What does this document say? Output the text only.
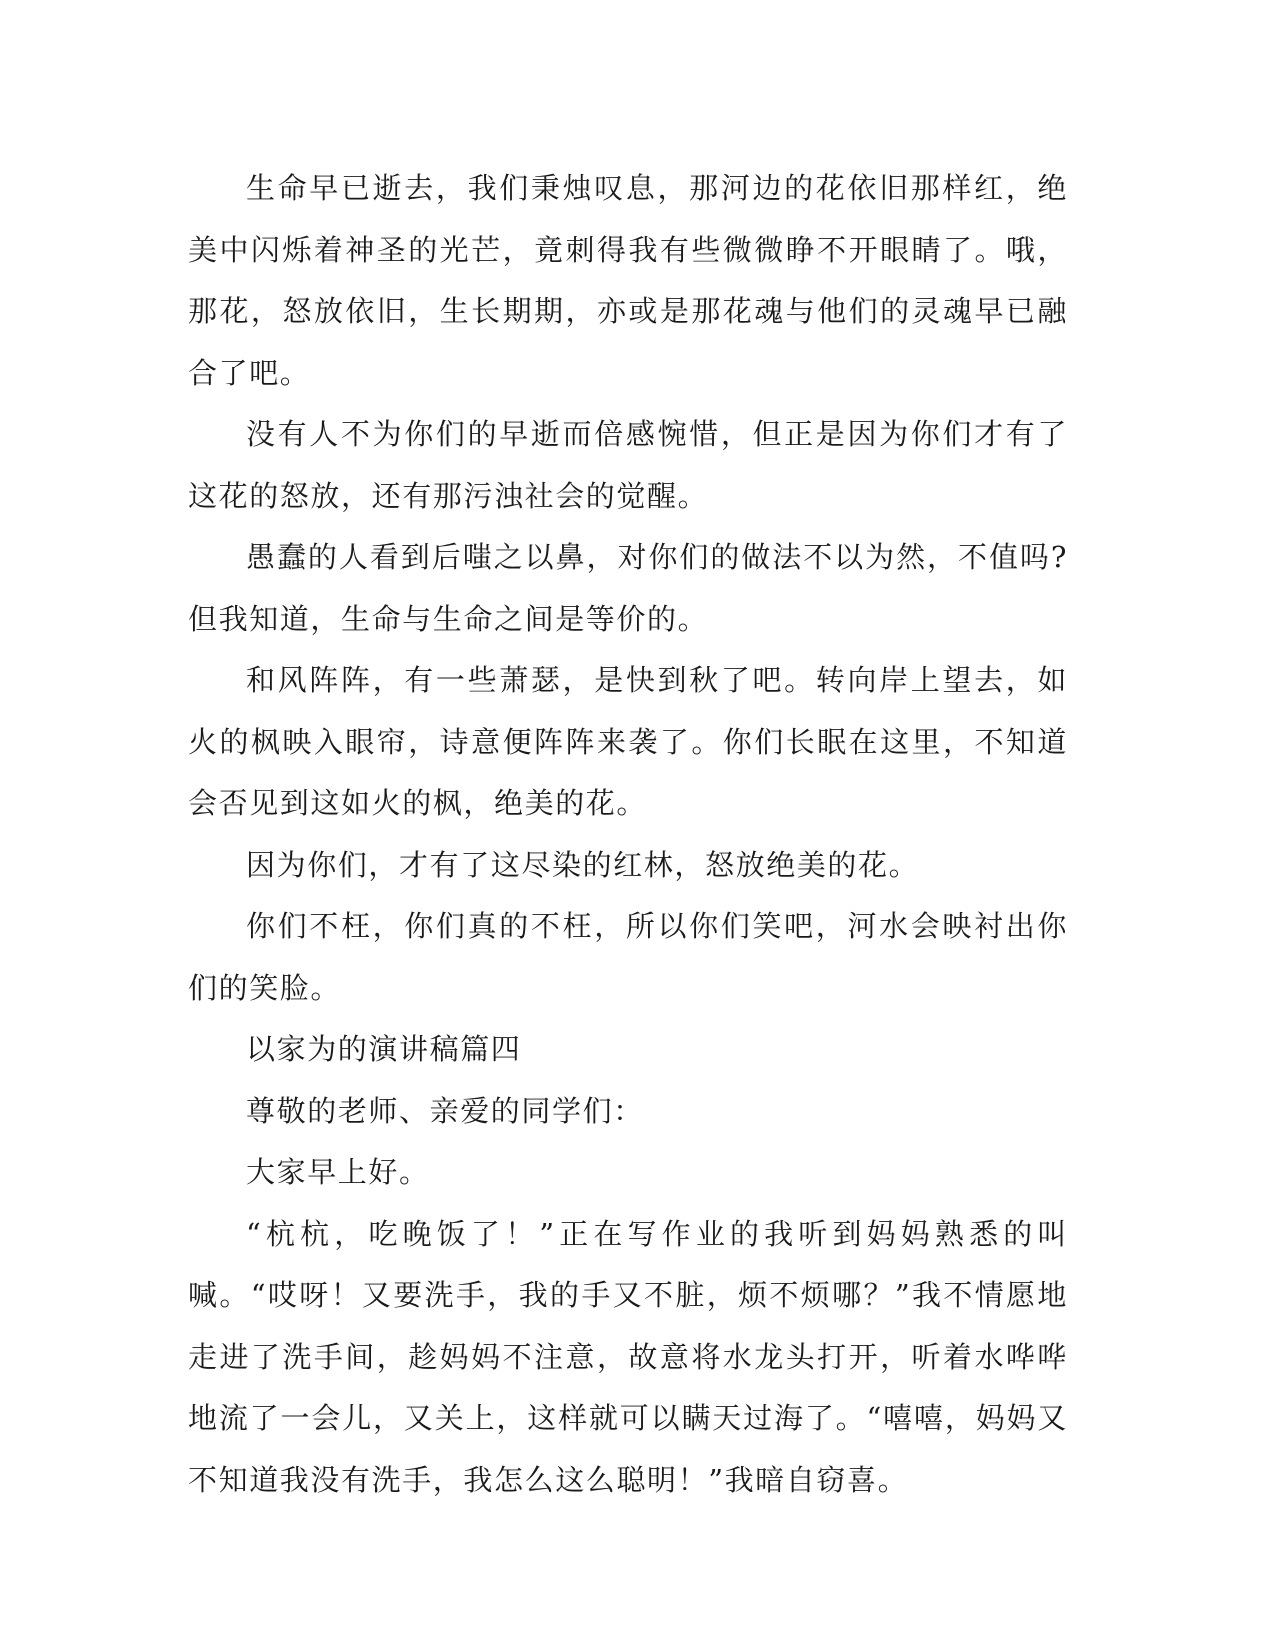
生命早已逝去，我们秉烛叹息，那河边的花依旧那样红，绝美中闪烁着神圣的光芒，竟刺得我有些微微睁不开眼睛了。哦，那花，怒放依旧，生长期期，亦或是那花魂与他们的灵魂早已融合了吧。

没有人不为你们的早逝而倍感惋惜，但正是因为你们才有了这花的怒放，还有那污浊社会的觉醒。

愚蠢的人看到后嗤之以鼻，对你们的做法不以为然，不值吗?但我知道，生命与生命之间是等价的。

和风阵阵，有一些萧瑟，是快到秋了吧。转向岸上望去，如火的枫映入眼帘，诗意便阵阵来袭了。你们长眠在这里，不知道会否见到这如火的枫，绝美的花。

因为你们，才有了这尽染的红林，怒放绝美的花。

你们不枉，你们真的不枉，所以你们笑吧，河水会映衬出你们的笑脸。

以家为的演讲稿篇四

尊敬的老师、亲爱的同学们：

大家早上好。

“杭杭，吃晚饭了！”正在写作业的我听到妈妈熟悉的叫喊。“哎呀！又要洗手，我的手又不脏，烦不烦哪？”我不情愿地走进了洗手间，趁妈妈不注意，故意将水龙头打开，听着水哗哗地流了一会儿，又关上，这样就可以瞒天过海了。“嘻嘻，妈妈又不知道我没有洗手，我怎么这么聪明！”我暗自窃喜。
